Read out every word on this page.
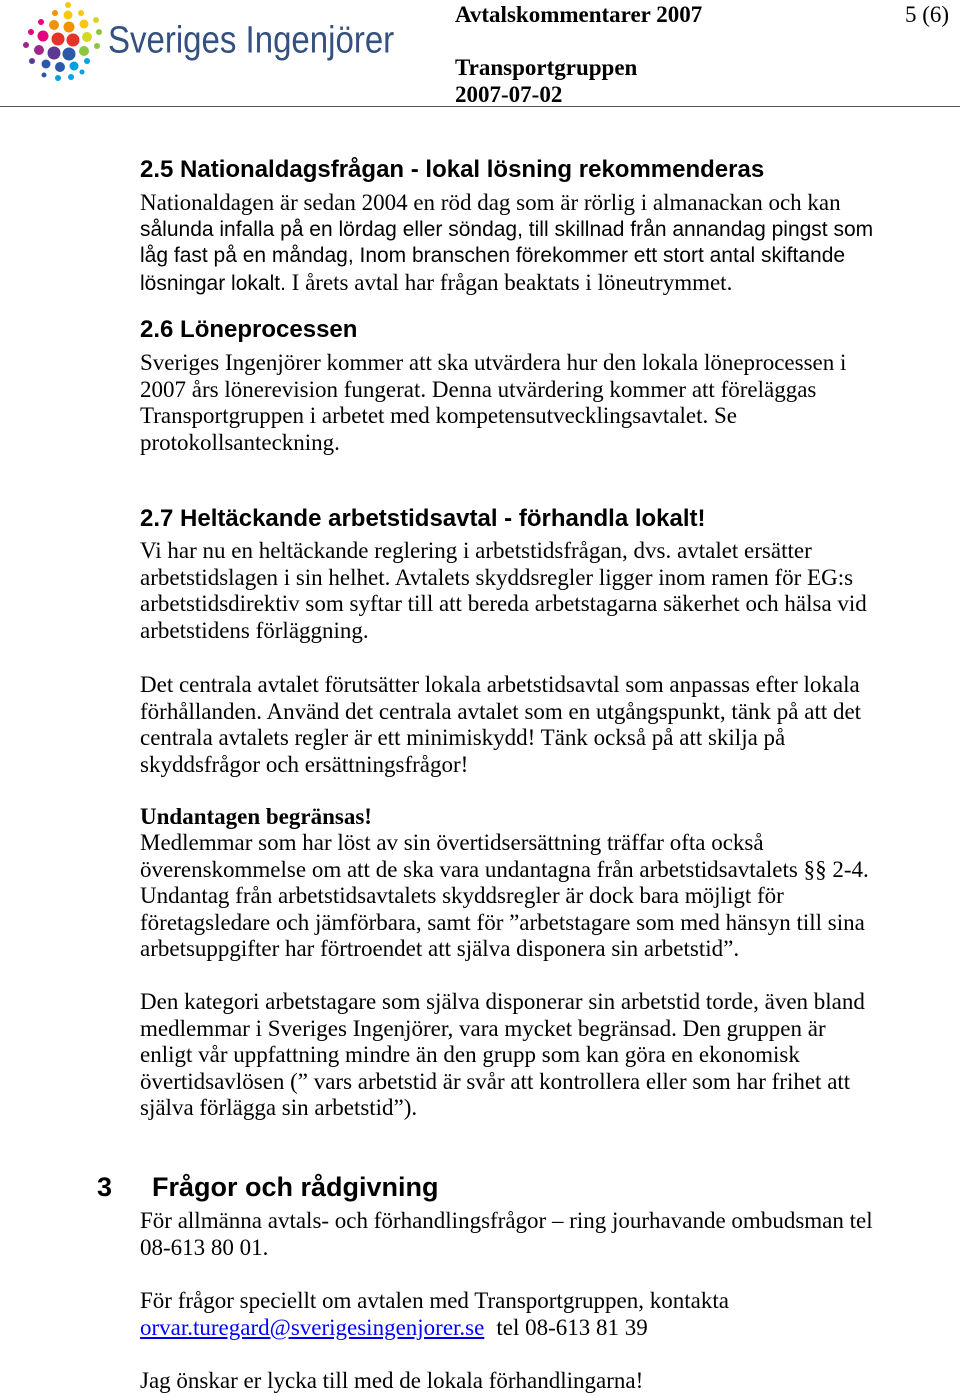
Sveriges Ingenjörer
Avtalskommentarer 2007	5 (6)
Transportgruppen
2007-07-02
2.5 Nationaldagsfrågan - lokal lösning rekommenderas
Nationaldagen är sedan 2004 en röd dag som är rörlig i almanackan och kan
sålunda infalla på en lördag eller söndag, till skillnad från annandag pingst som
låg fast på en måndag, Inom branschen förekommer ett stort antal skiftande
lösningar lokalt. I årets avtal har frågan beaktats i löneutrymmet.
2.6 Löneprocessen
Sveriges Ingenjörer kommer att ska utvärdera hur den lokala löneprocessen i
2007 års lönerevision fungerat. Denna utvärdering kommer att föreläggas
Transportgruppen i arbetet med kompetensutvecklingsavtalet. Se
protokollsanteckning.
2.7 Heltäckande arbetstidsavtal - förhandla lokalt!
Vi har nu en heltäckande reglering i arbetstidsfrågan, dvs. avtalet ersätter
arbetstidslagen i sin helhet. Avtalets skyddsregler ligger inom ramen för EG:s
arbetstidsdirektiv som syftar till att bereda arbetstagarna säkerhet och hälsa vid
arbetstidens förläggning.
Det centrala avtalet förutsätter lokala arbetstidsavtal som anpassas efter lokala
förhållanden. Använd det centrala avtalet som en utgångspunkt, tänk på att det
centrala avtalets regler är ett minimiskydd! Tänk också på att skilja på
skyddsfrågor och ersättningsfrågor!
Undantagen begränsas!
Medlemmar som har löst av sin övertidsersättning träffar ofta också
överenskommelse om att de ska vara undantagna från arbetstidsavtalets §§ 2-4.
Undantag från arbetstidsavtalets skyddsregler är dock bara möjligt för
företagsledare och jämförbara, samt för ”arbetstagare som med hänsyn till sina
arbetsuppgifter har förtroendet att själva disponera sin arbetstid”.
Den kategori arbetstagare som själva disponerar sin arbetstid torde, även bland
medlemmar i Sveriges Ingenjörer, vara mycket begränsad. Den gruppen är
enligt vår uppfattning mindre än den grupp som kan göra en ekonomisk
övertidsavlösen (” vars arbetstid är svår att kontrollera eller som har frihet att
själva förlägga sin arbetstid”).
3 Frågor och rådgivning
För allmänna avtals- och förhandlingsfrågor – ring jourhavande ombudsman tel
08-613 80 01.
För frågor speciellt om avtalen med Transportgruppen, kontakta
orvar.turegard@sverigesingenjorer.se tel 08-613 81 39
Jag önskar er lycka till med de lokala förhandlingarna!
